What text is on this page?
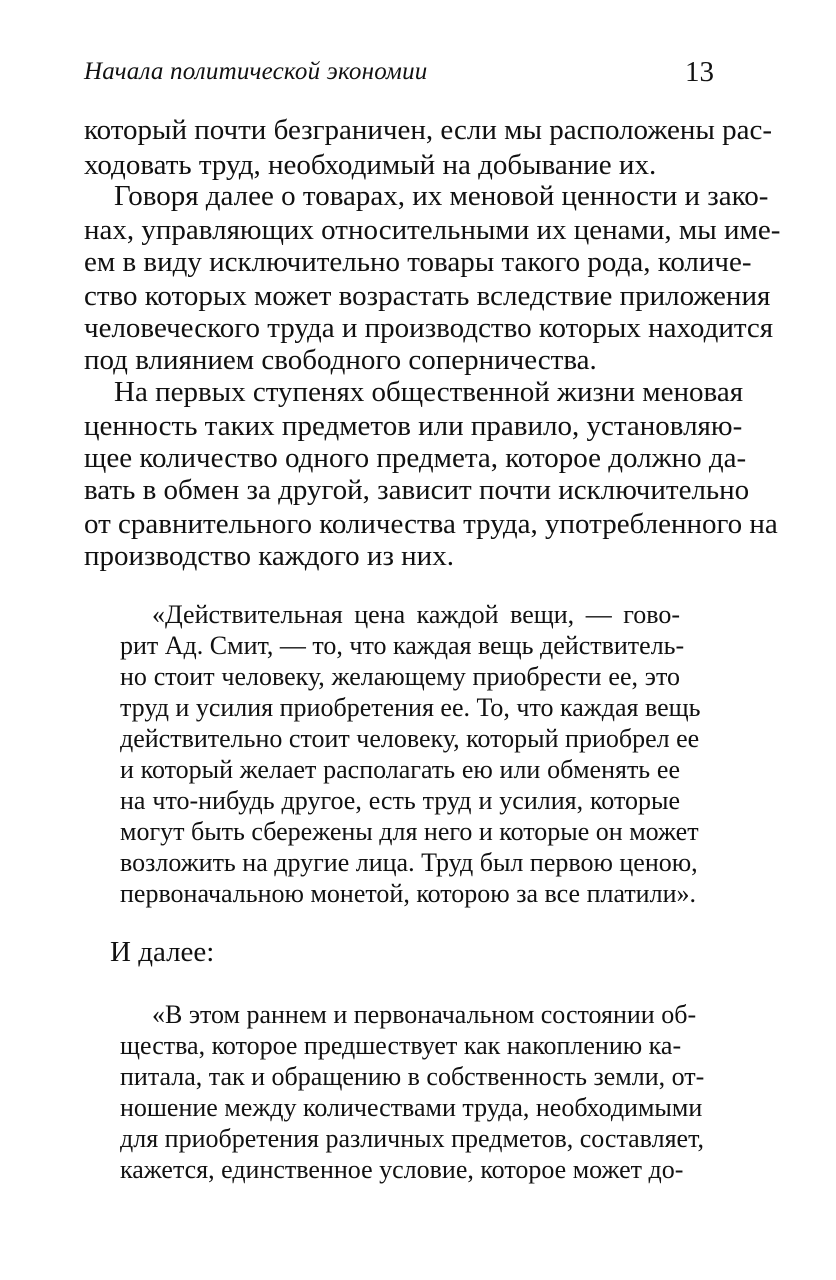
Начала политической экономии	13
который почти безграничен, если мы расположены рас-
ходовать труд, необходимый на добывание их.
Говоря далее о товарах, их меновой ценности и зако-
нах, управляющих относительными их ценами, мы име-
ем в виду исключительно товары такого рода, количе-
ство которых может возрастать вследствие приложения
человеческого труда и производство которых находится
под влиянием свободного соперничества.
На первых ступенях общественной жизни меновая
ценность таких предметов или правило, установляю-
щее количество одного предмета, которое должно да-
вать в обмен за другой, зависит почти исключительно
от сравнительного количества труда, употребленного на
производство каждого из них.
«Действительная цена каждой вещи, — гово-
рит Ад. Смит, — то, что каждая вещь действитель-
но стоит человеку, желающему приобрести ее, это
труд и усилия приобретения ее. То, что каждая вещь
действительно стоит человеку, который приобрел ее
и который желает располагать ею или обменять ее
на что-нибудь другое, есть труд и усилия, которые
могут быть сбережены для него и которые он может
возложить на другие лица. Труд был первою ценою,
первоначальною монетой, которою за все платили».
И далее:
«В этом раннем и первоначальном состоянии об-
щества, которое предшествует как накоплению ка-
питала, так и обращению в собственность земли, от-
ношение между количествами труда, необходимыми
для приобретения различных предметов, составляет,
кажется, единственное условие, которое может до-
